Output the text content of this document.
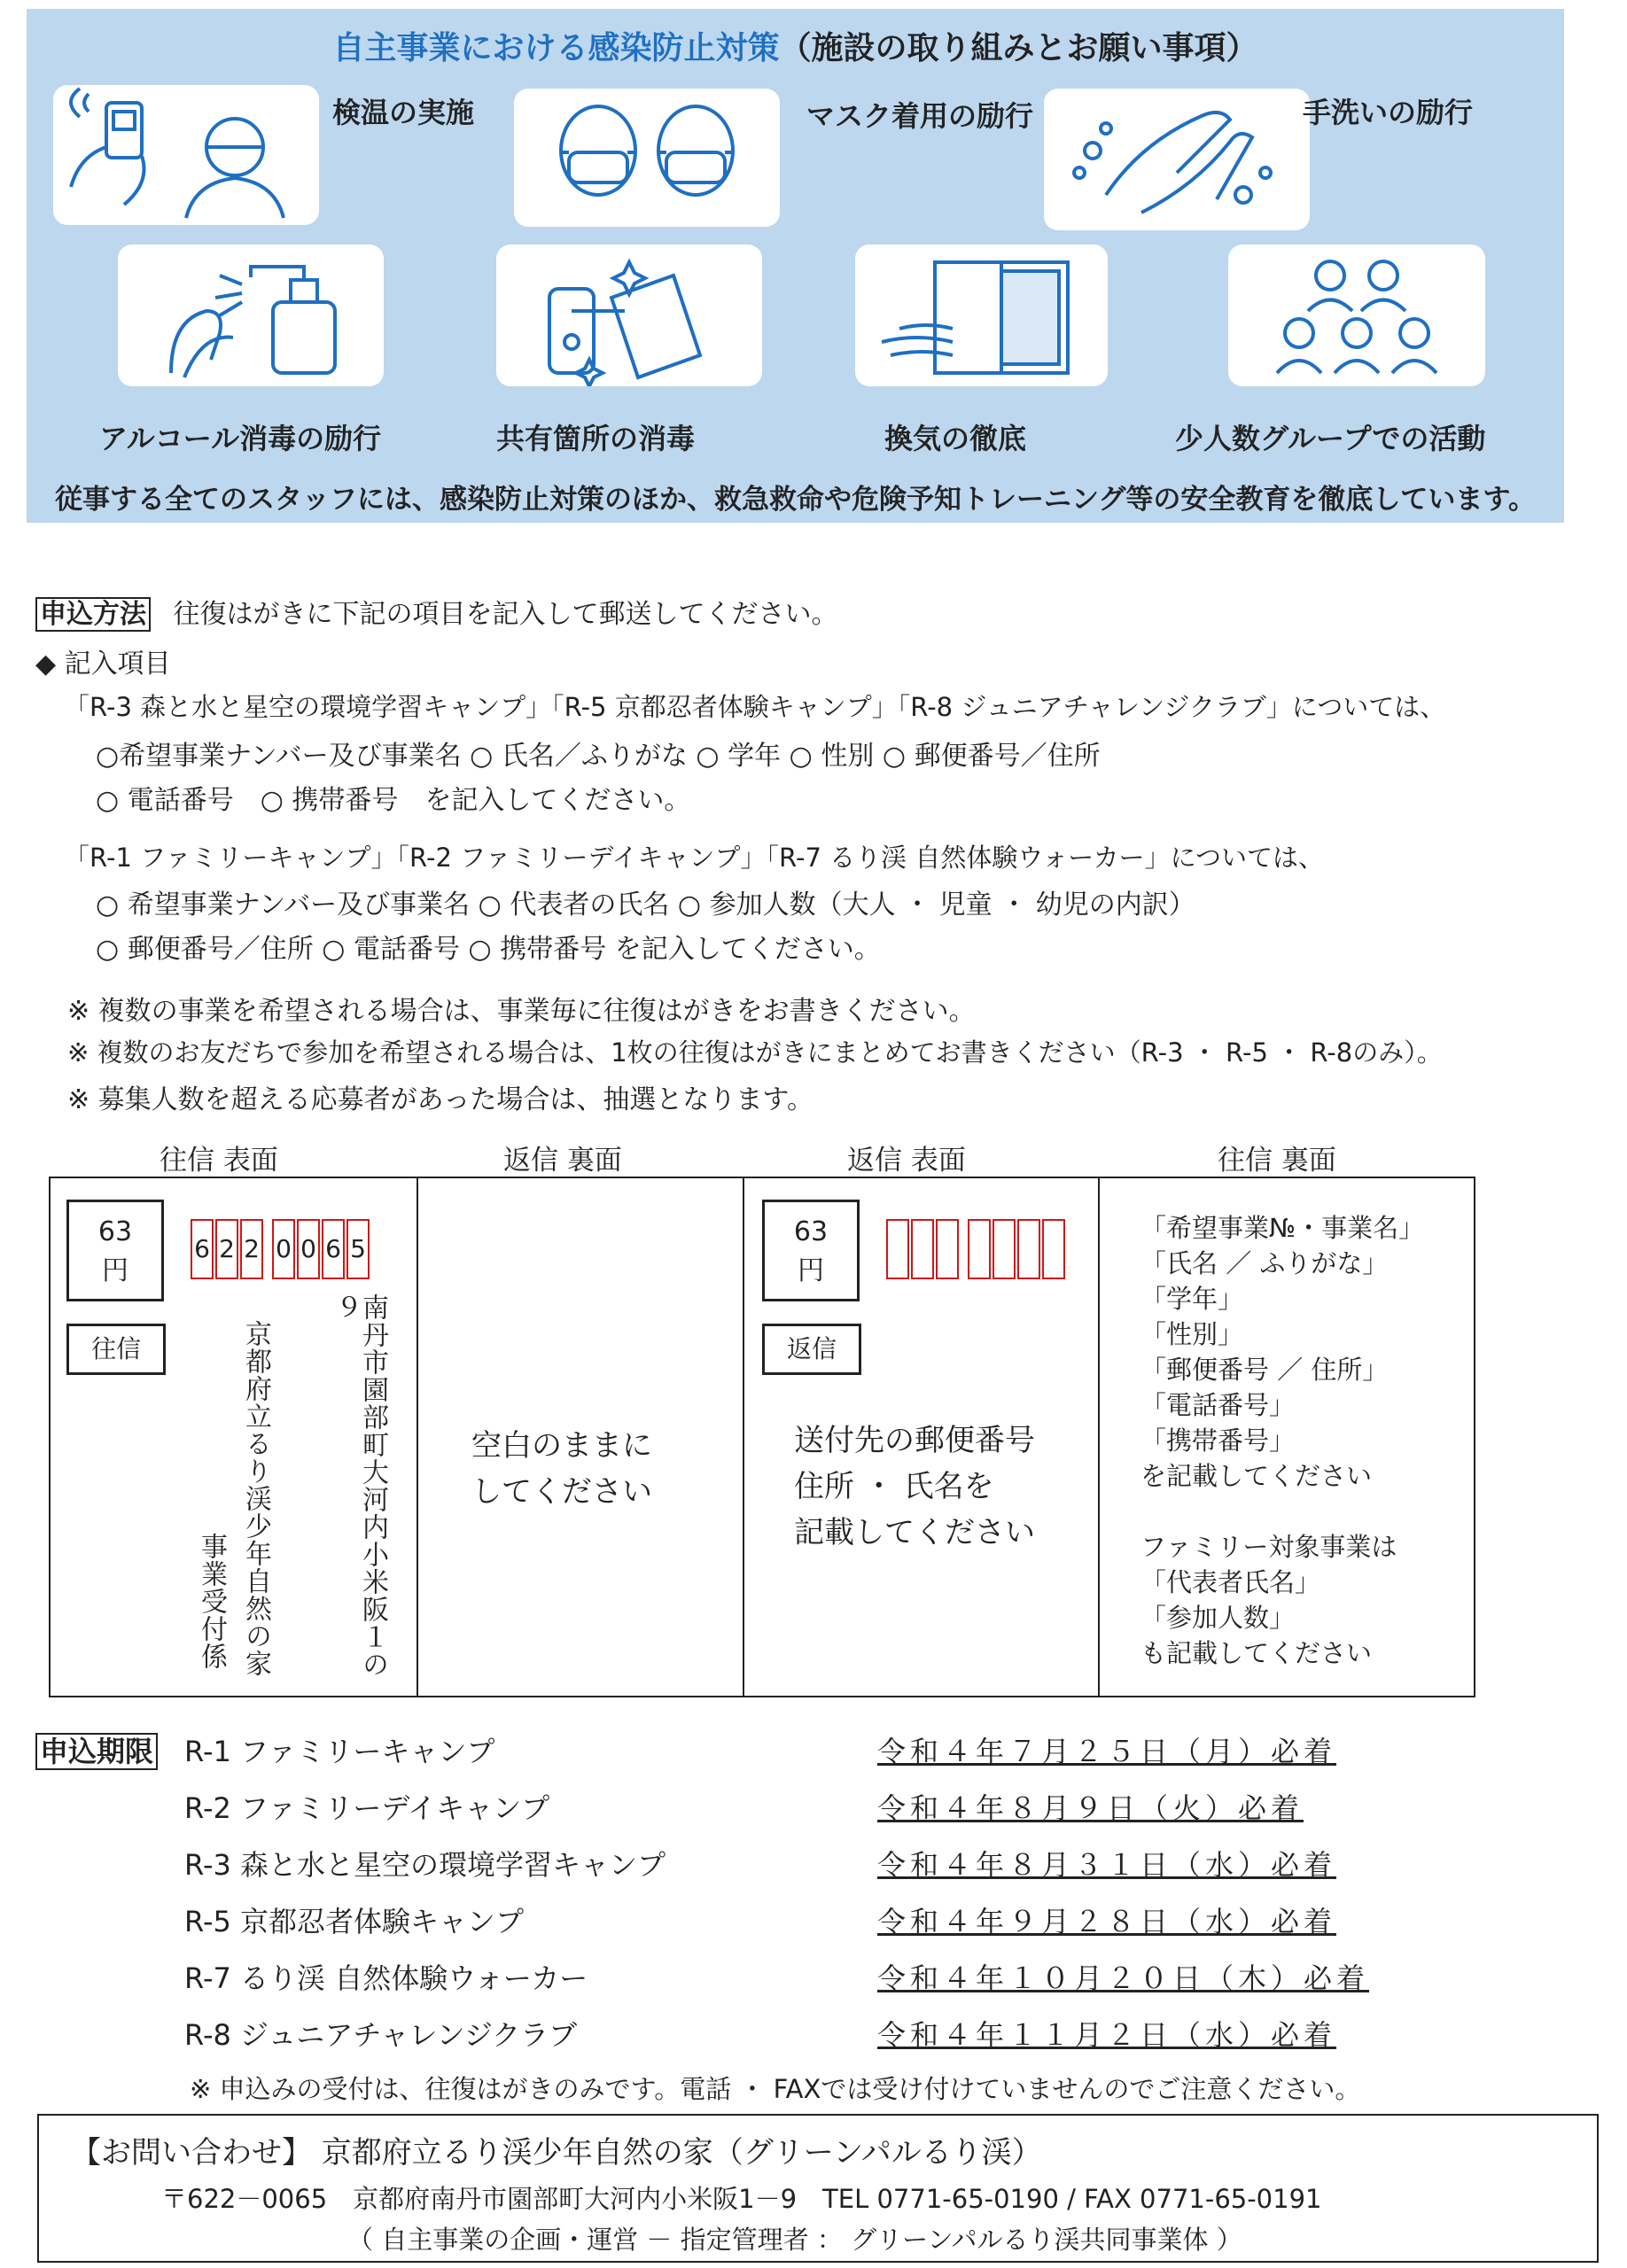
自主事業における感染防止対策（施設の取り組みとお願い事項）
検温の実施	マスク着用の励行	手洗いの励行
アルコール消毒の励行	共有箇所の消毒	換気の徹底	少人数グループでの活動
従事する全てのスタッフには、感染防止対策のほか、救急救命や危険予知トレーニング等の安全教育を徹底しています。
申込方法 往復はがきに下記の項目を記入して郵送してください。
◆ 記入項目
「R-3 森と水と星空の環境学習キャンプ」「R-5 京都忍者体験キャンプ」「R-8 ジュニアチャレンジクラブ」については、
○希望事業ナンバー及び事業名 ○ 氏名／ふりがな ○ 学年 ○ 性別 ○ 郵便番号／住所
○ 電話番号　○ 携帯番号　を記入してください。
「R-1 ファミリーキャンプ」「R-2 ファミリーデイキャンプ」「R-7 るり渓 自然体験ウォーカー」については、
○ 希望事業ナンバー及び事業名 ○ 代表者の氏名 ○ 参加人数（大人 ・ 児童 ・ 幼児の内訳）
○ 郵便番号／住所 ○ 電話番号 ○ 携帯番号 を記入してください。
※ 複数の事業を希望される場合は、事業毎に往復はがきをお書きください。
※ 複数のお友だちで参加を希望される場合は、1枚の往復はがきにまとめてお書きください（R-3 ・ R-5 ・ R-8のみ）。
※ 募集人数を超える応募者があった場合は、抽選となります。
往信 表面	返信 裏面	返信 表面	往信 裏面
63
円
往信
6 2 2 0 0 6 5
南丹市園部町大河内小米阪１の９
京都府立るり渓少年自然の家
事業受付係
空白のままに
してください
63
円
返信
送付先の郵便番号
住所 ・ 氏名を
記載してください
「希望事業№・事業名」
「氏名 ／ ふりがな」
「学年」
「性別」
「郵便番号 ／ 住所」
「電話番号」
「携帯番号」
を記載してください
ファミリー対象事業は
「代表者氏名」
「参加人数」
も記載してください
申込期限 R-1 ファミリーキャンプ	令和４年７月２５日（月）必着
R-2 ファミリーデイキャンプ	令和４年８月９日（火）必着
R-3 森と水と星空の環境学習キャンプ	令和４年８月３１日（水）必着
R-5 京都忍者体験キャンプ	令和４年９月２８日（水）必着
R-7 るり渓 自然体験ウォーカー	令和４年１０月２０日（木）必着
R-8 ジュニアチャレンジクラブ	令和４年１１月２日（水）必着
※ 申込みの受付は、往復はがきのみです。電話 ・ FAXでは受け付けていませんのでご注意ください。
【お問い合わせ】 京都府立るり渓少年自然の家（グリーンパルるり渓）
〒622－0065　京都府南丹市園部町大河内小米阪1－9　TEL 0771-65-0190 / FAX 0771-65-0191
（ 自主事業の企画・運営 － 指定管理者 ： グリーンパルるり渓共同事業体 ）
